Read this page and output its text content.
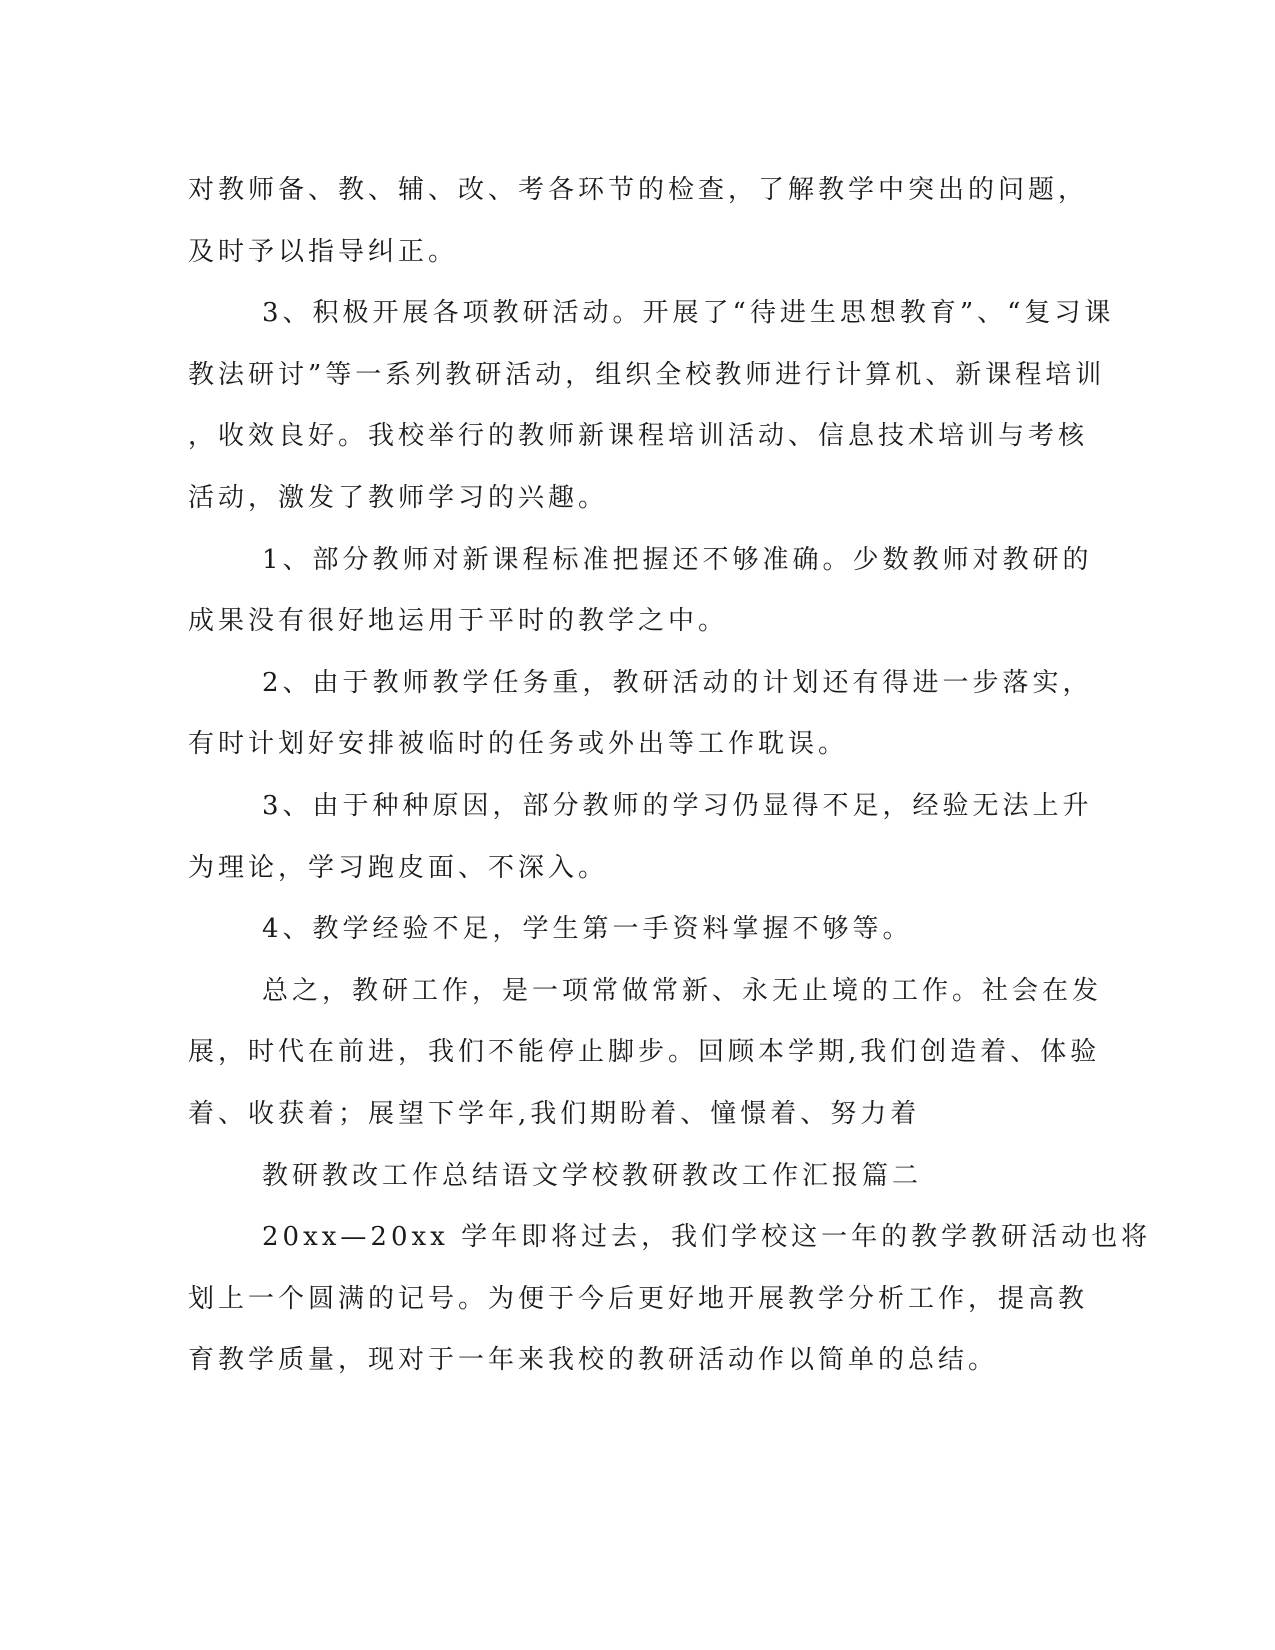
对教师备、教、辅、改、考各环节的检查，了解教学中突出的问题，
及时予以指导纠正。
3、积极开展各项教研活动。开展了“待进生思想教育”、“复习课
教法研讨”等一系列教研活动，组织全校教师进行计算机、新课程培训
，收效良好。我校举行的教师新课程培训活动、信息技术培训与考核
活动，激发了教师学习的兴趣。
1、部分教师对新课程标准把握还不够准确。少数教师对教研的
成果没有很好地运用于平时的教学之中。
2、由于教师教学任务重，教研活动的计划还有得进一步落实，
有时计划好安排被临时的任务或外出等工作耽误。
3、由于种种原因，部分教师的学习仍显得不足，经验无法上升
为理论，学习跑皮面、不深入。
4、教学经验不足，学生第一手资料掌握不够等。
总之，教研工作，是一项常做常新、永无止境的工作。社会在发
展，时代在前进，我们不能停止脚步。回顾本学期,我们创造着、体验
着、收获着；展望下学年,我们期盼着、憧憬着、努力着
教研教改工作总结语文学校教研教改工作汇报篇二
20xx—20xx 学年即将过去，我们学校这一年的教学教研活动也将
划上一个圆满的记号。为便于今后更好地开展教学分析工作，提高教
育教学质量，现对于一年来我校的教研活动作以简单的总结。
